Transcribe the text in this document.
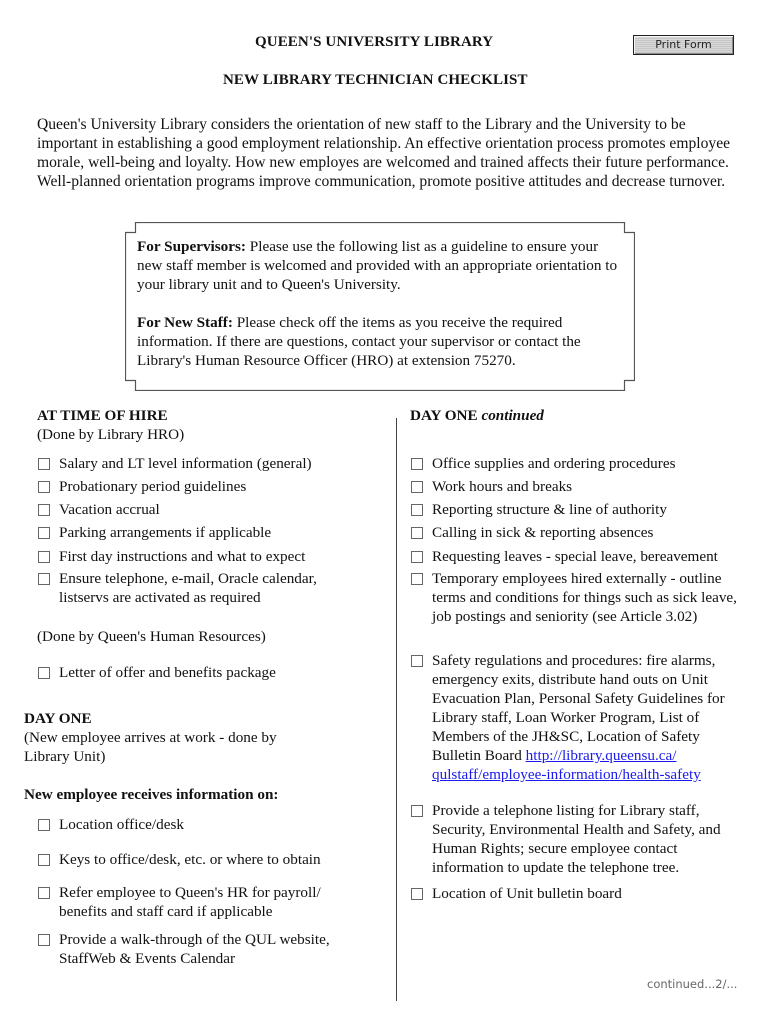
QUEEN'S UNIVERSITY LIBRARY	Print Form
NEW LIBRARY TECHNICIAN CHECKLIST
Queen's University Library considers the orientation of new staff to the Library and the University to be important in establishing a good employment relationship. An effective orientation process promotes employee morale, well-being and loyalty. How new employes are welcomed and trained affects their future performance. Well-planned orientation programs improve communication, promote positive attitudes and decrease turnover.

For Supervisors: Please use the following list as a guideline to ensure your new staff member is welcomed and provided with an appropriate orientation to your library unit and to Queen's University.

For New Staff: Please check off the items as you receive the required information. If there are questions, contact your supervisor or contact the Library's Human Resource Officer (HRO) at extension 75270.

AT TIME OF HIRE
(Done by Library HRO)
Salary and LT level information (general)
Probationary period guidelines
Vacation accrual
Parking arrangements if applicable
First day instructions and what to expect
Ensure telephone, e-mail, Oracle calendar, listservs are activated as required
(Done by Queen's Human Resources)
Letter of offer and benefits package
DAY ONE
(New employee arrives at work - done by Library Unit)
New employee receives information on:
Location office/desk
Keys to office/desk, etc. or where to obtain
Refer employee to Queen's HR for payroll/ benefits and staff card if applicable
Provide a walk-through of the QUL website, StaffWeb & Events Calendar
DAY ONE continued
Office supplies and ordering procedures
Work hours and breaks
Reporting structure & line of authority
Calling in sick & reporting absences
Requesting leaves - special leave, bereavement
Temporary employees hired externally - outline terms and conditions for things such as sick leave, job postings and seniority (see Article 3.02)
Safety regulations and procedures: fire alarms, emergency exits, distribute hand outs on Unit Evacuation Plan, Personal Safety Guidelines for Library staff, Loan Worker Program, List of Members of the JH&SC, Location of Safety Bulletin Board http://library.queensu.ca/ qulstaff/employee-information/health-safety
Provide a telephone listing for Library staff, Security, Environmental Health and Safety, and Human Rights; secure employee contact information to update the telephone tree.
Location of Unit bulletin board
continued...2/...
